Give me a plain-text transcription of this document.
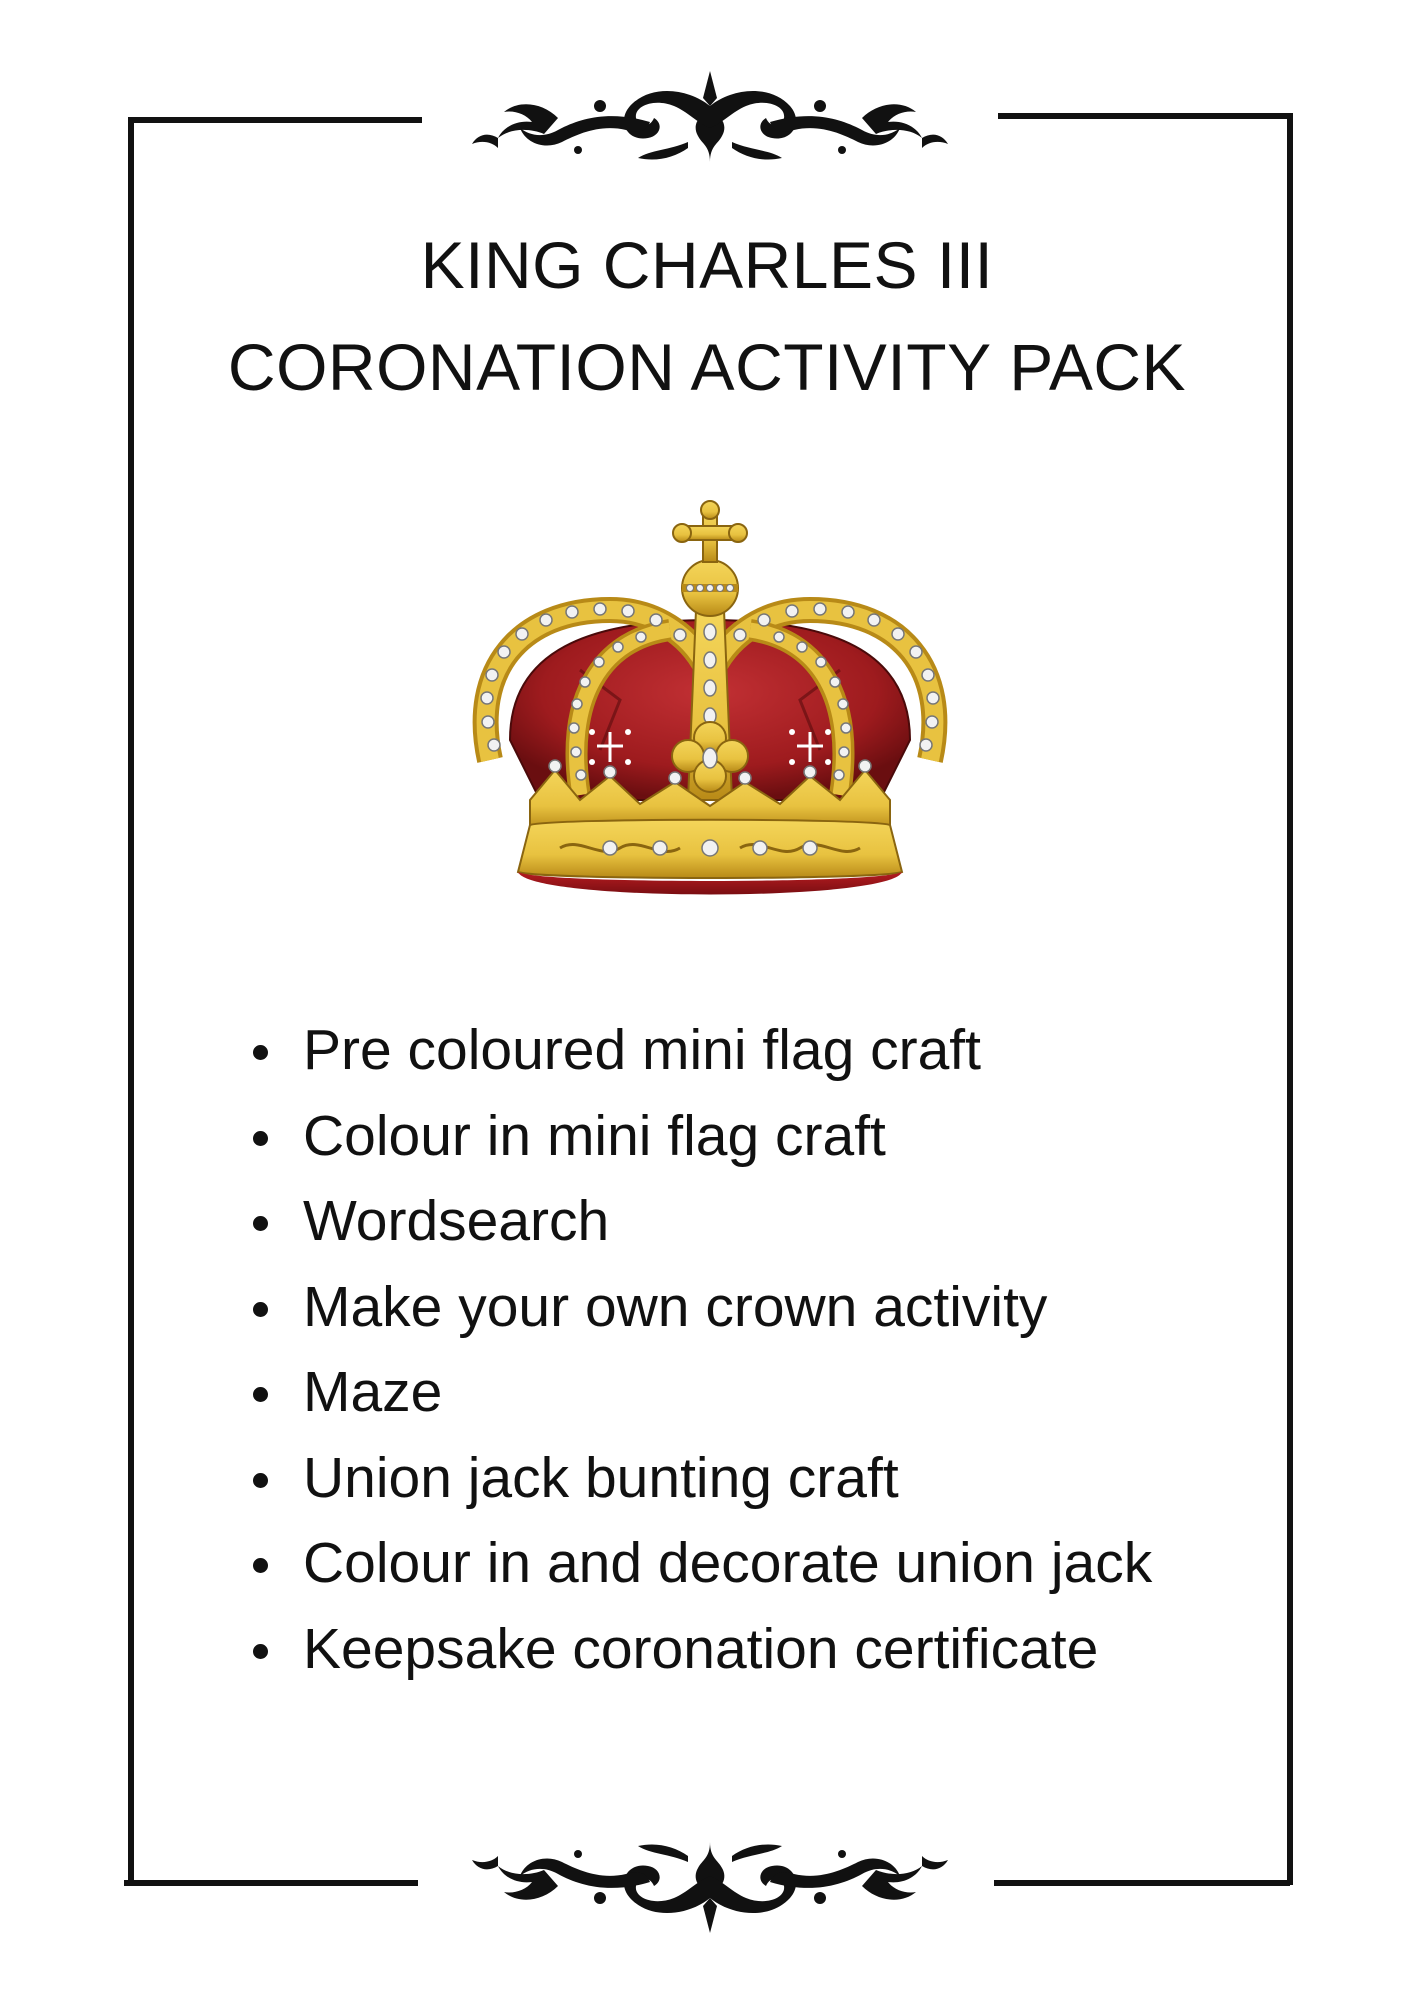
KING CHARLES III
CORONATION ACTIVITY PACK
Pre coloured mini flag craft
Colour in mini flag craft
Wordsearch
Make your own crown activity
Maze
Union jack bunting craft
Colour in and decorate union jack
Keepsake coronation certificate
